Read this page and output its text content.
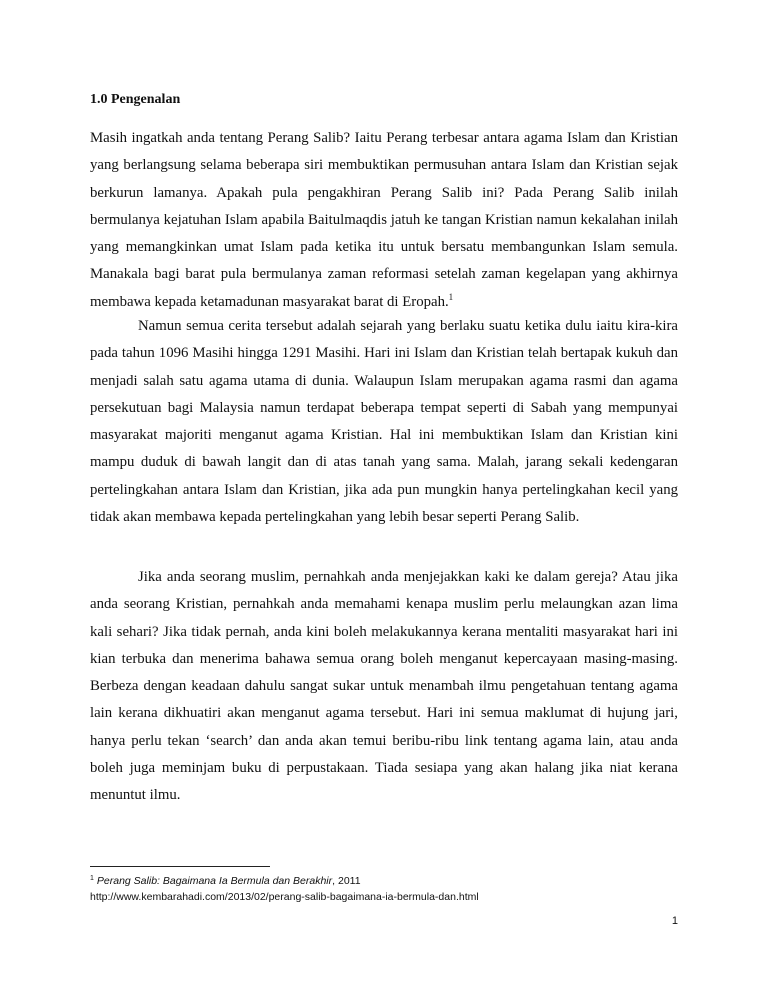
1.0 Pengenalan

Masih ingatkah anda tentang Perang Salib? Iaitu Perang terbesar antara agama Islam dan Kristian yang berlangsung selama beberapa siri membuktikan permusuhan antara Islam dan Kristian sejak berkurun lamanya. Apakah pula pengakhiran Perang Salib ini? Pada Perang Salib inilah bermulanya kejatuhan Islam apabila Baitulmaqdis jatuh ke tangan Kristian namun kekalahan inilah yang memangkinkan umat Islam pada ketika itu untuk bersatu membangunkan Islam semula. Manakala bagi barat pula bermulanya zaman reformasi setelah zaman kegelapan yang akhirnya membawa kepada ketamadunan masyarakat barat di Eropah.$^1$

Namun semua cerita tersebut adalah sejarah yang berlaku suatu ketika dulu iaitu kira-kira pada tahun 1096 Masihi hingga 1291 Masihi. Hari ini Islam dan Kristian telah bertapak kukuh dan menjadi salah satu agama utama di dunia. Walaupun Islam merupakan agama rasmi dan agama persekutuan bagi Malaysia namun terdapat beberapa tempat seperti di Sabah yang mempunyai masyarakat majoriti menganut agama Kristian. Hal ini membuktikan Islam dan Kristian kini mampu duduk di bawah langit dan di atas tanah yang sama. Malah, jarang sekali kedengaran pertelingkahan antara Islam dan Kristian, jika ada pun mungkin hanya pertelingkahan kecil yang tidak akan membawa kepada pertelingkahan yang lebih besar seperti Perang Salib.

Jika anda seorang muslim, pernahkah anda menjejakkan kaki ke dalam gereja? Atau jika anda seorang Kristian, pernahkah anda memahami kenapa muslim perlu melaungkan azan lima kali sehari? Jika tidak pernah, anda kini boleh melakukannya kerana mentaliti masyarakat hari ini kian terbuka dan menerima bahawa semua orang boleh menganut kepercayaan masing-masing. Berbeza dengan keadaan dahulu sangat sukar untuk menambah ilmu pengetahuan tentang agama lain kerana dikhuatiri akan menganut agama tersebut. Hari ini semua maklumat di hujung jari, hanya perlu tekan ‘search’ dan anda akan temui beribu-ribu link tentang agama lain, atau anda boleh juga meminjam buku di perpustakaan. Tiada sesiapa yang akan halang jika niat kerana menuntut ilmu.

$^1$ Perang Salib: Bagaimana Ia Bermula dan Berakhir, 2011

http://www.kembarahadi.com/2013/02/perang-salib-bagaimana-ia-bermula-dan.html

1
